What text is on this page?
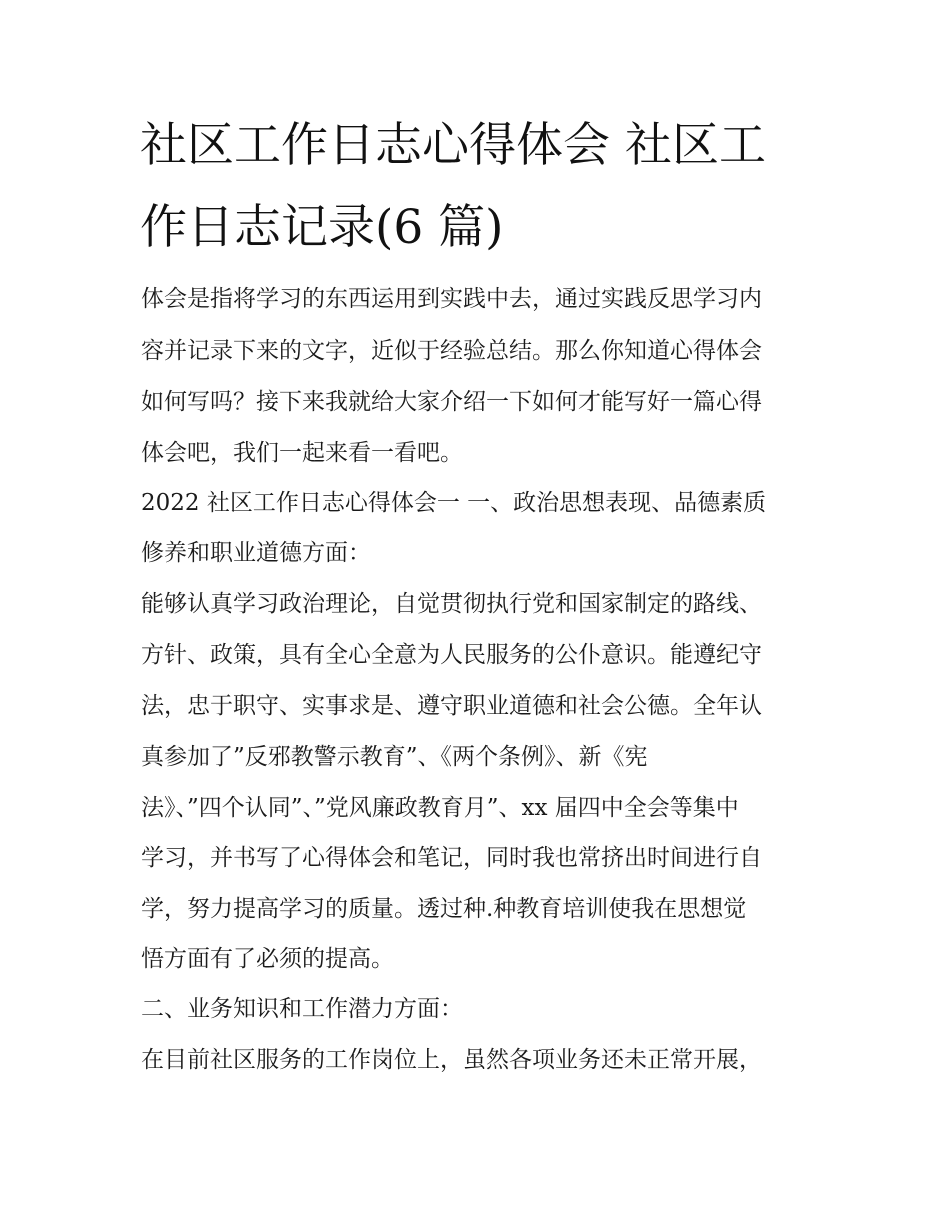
社区工作日志心得体会 社区工
作日志记录(6 篇)
体会是指将学习的东西运用到实践中去，通过实践反思学习内
容并记录下来的文字，近似于经验总结。那么你知道心得体会
如何写吗？接下来我就给大家介绍一下如何才能写好一篇心得
体会吧，我们一起来看一看吧。
2022 社区工作日志心得体会一 一、政治思想表现、品德素质
修养和职业道德方面：
能够认真学习政治理论，自觉贯彻执行党和国家制定的路线、
方针、政策，具有全心全意为人民服务的公仆意识。能遵纪守
法，忠于职守、实事求是、遵守职业道德和社会公德。全年认
真参加了”反邪教警示教育”、《两个条例》、新《宪
法》、”四个认同”、”党风廉政教育月”、xx 届四中全会等集中
学习，并书写了心得体会和笔记，同时我也常挤出时间进行自
学，努力提高学习的质量。透过种.种教育培训使我在思想觉
悟方面有了必须的提高。
二、业务知识和工作潜力方面：
在目前社区服务的工作岗位上，虽然各项业务还未正常开展，
